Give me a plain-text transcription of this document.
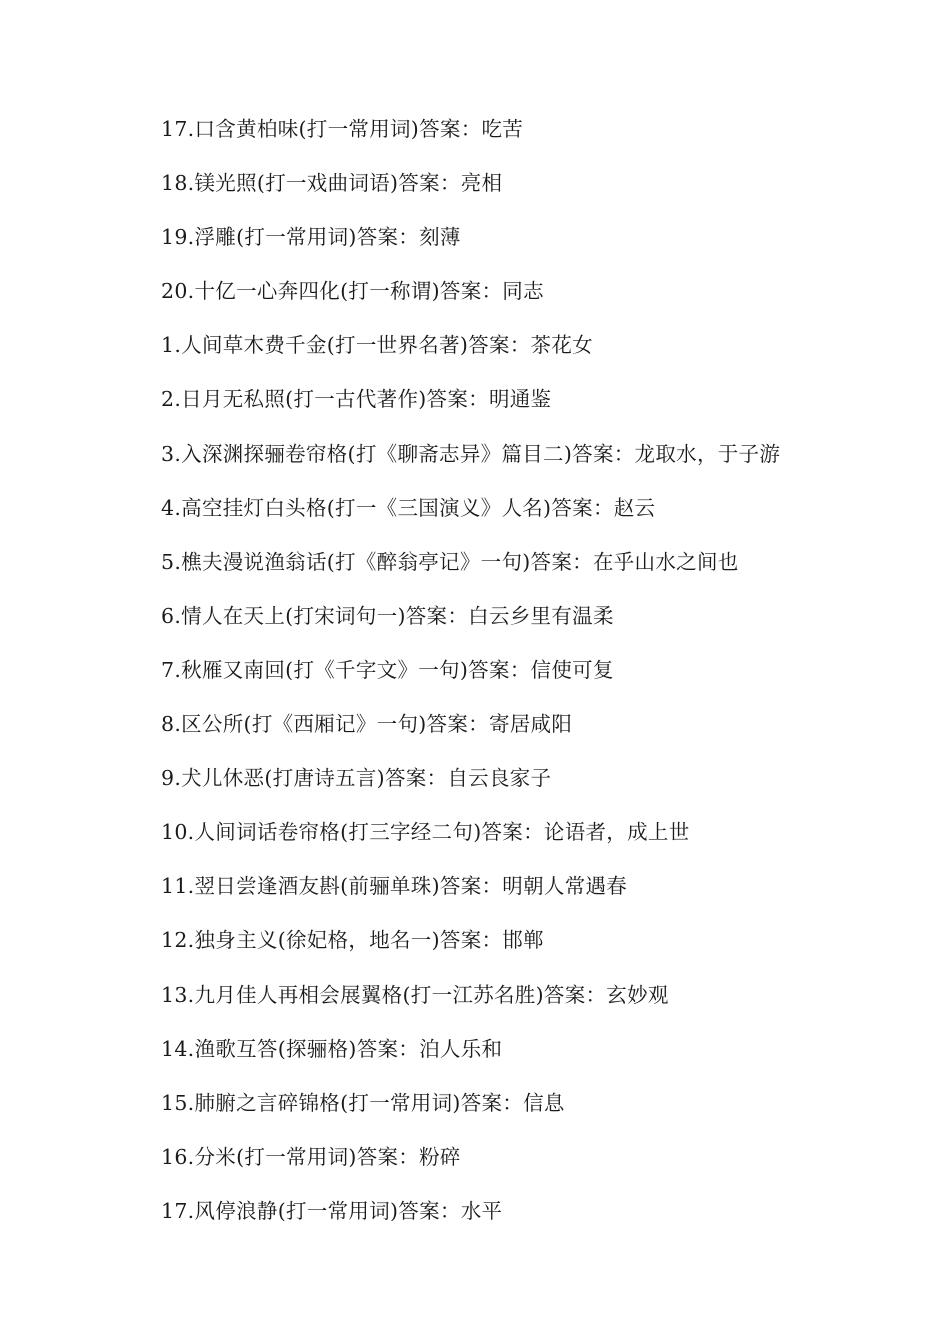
17.口含黄柏味(打一常用词)答案：吃苦
18.镁光照(打一戏曲词语)答案：亮相
19.浮雕(打一常用词)答案：刻薄
20.十亿一心奔四化(打一称谓)答案：同志
1.人间草木费千金(打一世界名著)答案：茶花女
2.日月无私照(打一古代著作)答案：明通鉴
3.入深渊探骊卷帘格(打《聊斋志异》篇目二)答案：龙取水，于子游
4.高空挂灯白头格(打一《三国演义》人名)答案：赵云
5.樵夫漫说渔翁话(打《醉翁亭记》一句)答案：在乎山水之间也
6.情人在天上(打宋词句一)答案：白云乡里有温柔
7.秋雁又南回(打《千字文》一句)答案：信使可复
8.区公所(打《西厢记》一句)答案：寄居咸阳
9.犬儿休恶(打唐诗五言)答案：自云良家子
10.人间词话卷帘格(打三字经二句)答案：论语者，成上世
11.翌日尝逢酒友斟(前骊单珠)答案：明朝人常遇春
12.独身主义(徐妃格，地名一)答案：邯郸
13.九月佳人再相会展翼格(打一江苏名胜)答案：玄妙观
14.渔歌互答(探骊格)答案：泊人乐和
15.肺腑之言碎锦格(打一常用词)答案：信息
16.分米(打一常用词)答案：粉碎
17.风停浪静(打一常用词)答案：水平
